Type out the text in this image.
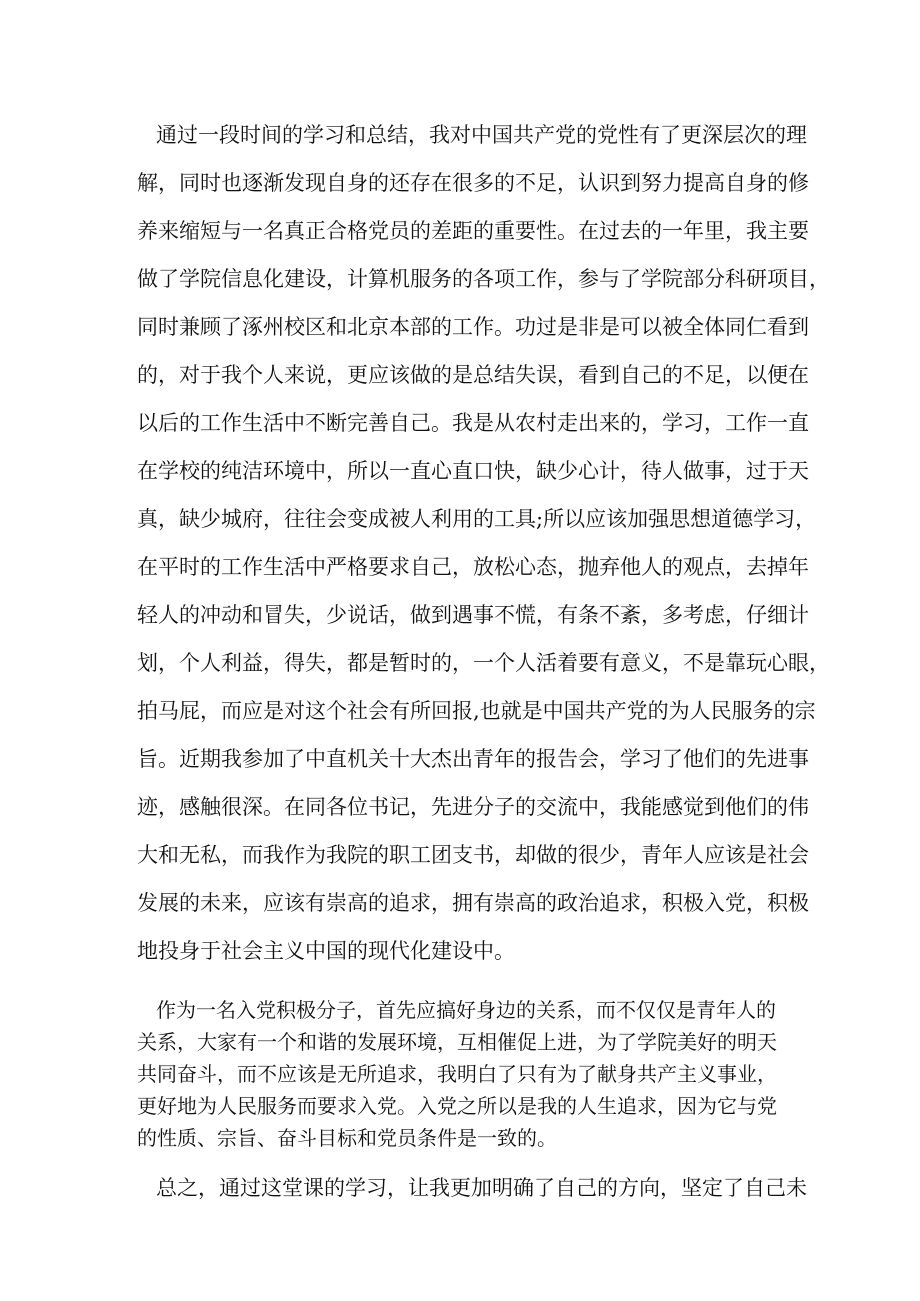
通过一段时间的学习和总结，我对中国共产党的党性有了更深层次的理
解，同时也逐渐发现自身的还存在很多的不足，认识到努力提高自身的修
养来缩短与一名真正合格党员的差距的重要性。在过去的一年里，我主要
做了学院信息化建设，计算机服务的各项工作，参与了学院部分科研项目，
同时兼顾了涿州校区和北京本部的工作。功过是非是可以被全体同仁看到
的，对于我个人来说，更应该做的是总结失误，看到自己的不足，以便在
以后的工作生活中不断完善自己。我是从农村走出来的，学习，工作一直
在学校的纯洁环境中，所以一直心直口快，缺少心计，待人做事，过于天
真，缺少城府，往往会变成被人利用的工具;所以应该加强思想道德学习，
在平时的工作生活中严格要求自己，放松心态，抛弃他人的观点，去掉年
轻人的冲动和冒失，少说话，做到遇事不慌，有条不紊，多考虑，仔细计
划，个人利益，得失，都是暂时的，一个人活着要有意义，不是靠玩心眼，
拍马屁，而应是对这个社会有所回报,也就是中国共产党的为人民服务的宗
旨。近期我参加了中直机关十大杰出青年的报告会，学习了他们的先进事
迹，感触很深。在同各位书记，先进分子的交流中，我能感觉到他们的伟
大和无私，而我作为我院的职工团支书，却做的很少，青年人应该是社会
发展的未来，应该有崇高的追求，拥有崇高的政治追求，积极入党，积极
地投身于社会主义中国的现代化建设中。
作为一名入党积极分子，首先应搞好身边的关系，而不仅仅是青年人的
关系，大家有一个和谐的发展环境，互相催促上进，为了学院美好的明天
共同奋斗，而不应该是无所追求，我明白了只有为了献身共产主义事业，
更好地为人民服务而要求入党。入党之所以是我的人生追求，因为它与党
的性质、宗旨、奋斗目标和党员条件是一致的。
总之，通过这堂课的学习，让我更加明确了自己的方向，坚定了自己未
